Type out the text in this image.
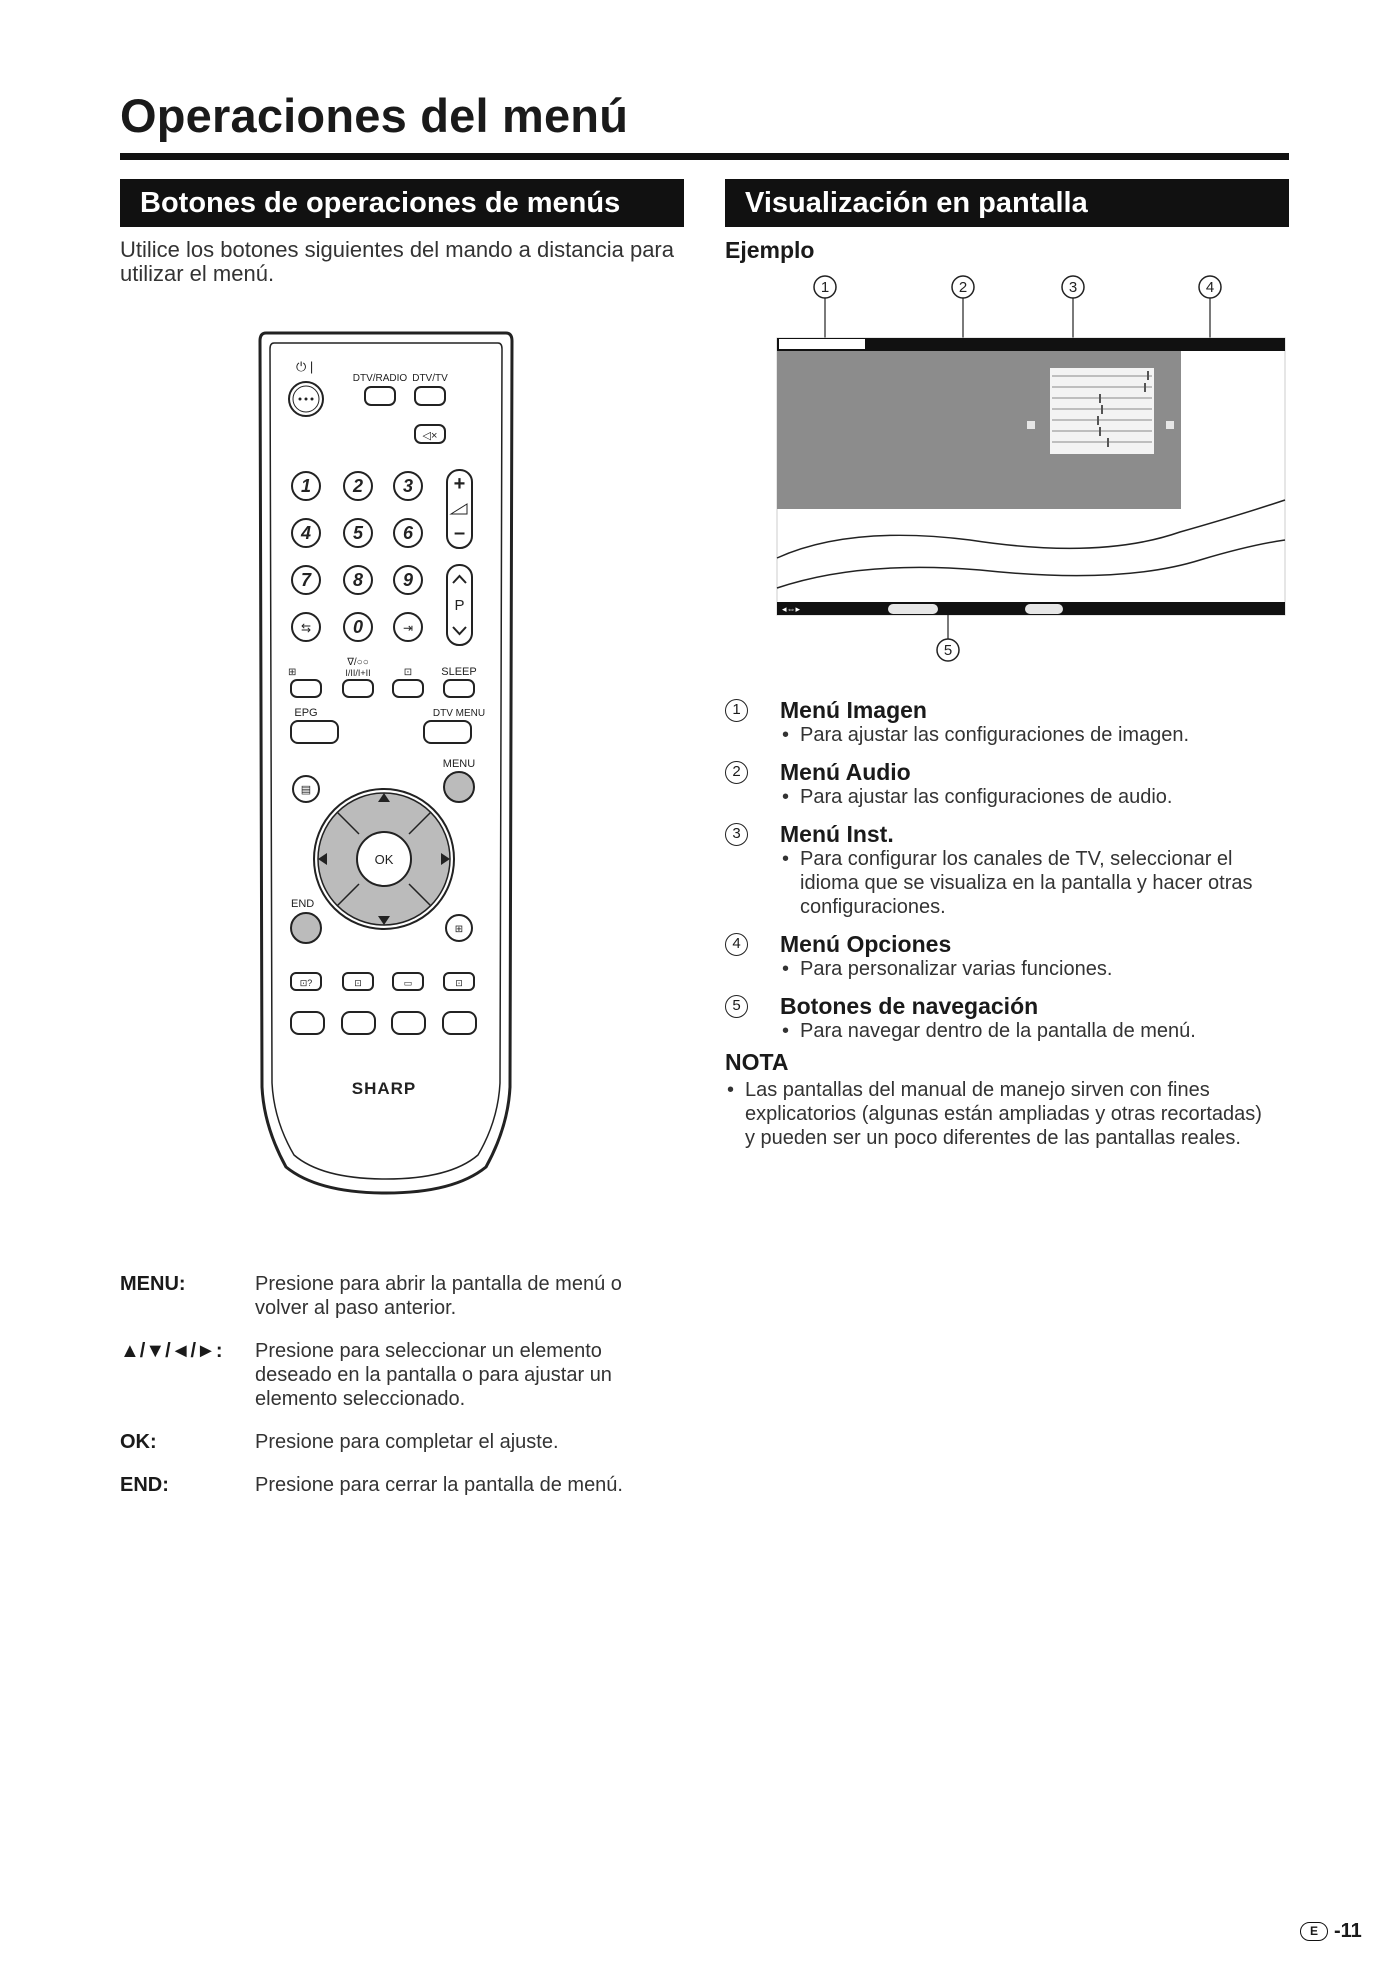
Operaciones del menú
Botones de operaciones de menús	Visualización en pantalla

Utilice los botones siguientes del mando a distancia para utilizar el menú.

⏻ |
DTV/RADIO DTV/TV
◁×
1 2 3
4 5 6
7 8 9
⇆ 0	⇥
+
–
P
⊞
∇/○○
I/II/I+II	⊡	SLEEP
EPG	DTV MENU
▤
MENU
OK
END
⊞
⊡?	⊡	▭	⊡
SHARP
MENU:	Presione para abrir la pantalla de menú o volver al paso anterior.
▲/▼/◄/►:	Presione para seleccionar un elemento deseado en la pantalla o para ajustar un elemento seleccionado.
OK:	Presione para completar el ajuste.
END:	Presione para cerrar la pantalla de menú.
Ejemplo
1	2	3	4
◂⇔▸
5
1	Menú Imagen
• Para ajustar las configuraciones de imagen.
2	Menú Audio
• Para ajustar las configuraciones de audio.
3	Menú Inst.
• Para configurar los canales de TV, seleccionar el idioma que se visualiza en la pantalla y hacer otras configuraciones.
4	Menú Opciones
• Para personalizar varias funciones.
5	Botones de navegación
• Para navegar dentro de la pantalla de menú.
NOTA
• Las pantallas del manual de manejo sirven con fines explicatorios (algunas están ampliadas y otras recortadas) y pueden ser un poco diferentes de las pantallas reales.
E -11
